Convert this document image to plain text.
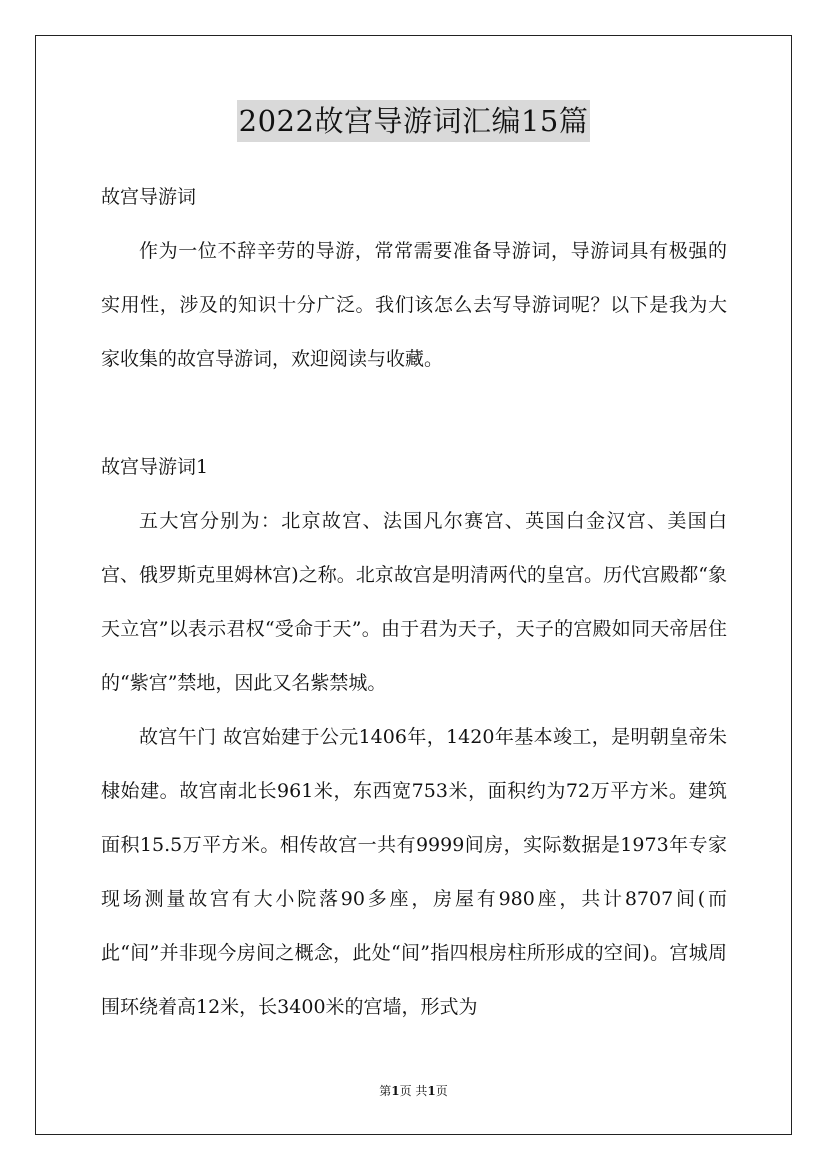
2022故宫导游词汇编15篇

故宫导游词

作为一位不辞辛劳的导游，常常需要准备导游词，导游词具有极强的实用性，涉及的知识十分广泛。我们该怎么去写导游词呢？以下是我为大家收集的故宫导游词，欢迎阅读与收藏。

故宫导游词1

五大宫分别为：北京故宫、法国凡尔赛宫、英国白金汉宫、美国白宫、俄罗斯克里姆林宫)之称。北京故宫是明清两代的皇宫。历代宫殿都“象天立宫”以表示君权“受命于天”。由于君为天子，天子的宫殿如同天帝居住的“紫宫”禁地，因此又名紫禁城。

故宫午门 故宫始建于公元1406年，1420年基本竣工，是明朝皇帝朱棣始建。故宫南北长961米，东西宽753米，面积约为72万平方米。建筑面积15.5万平方米。相传故宫一共有9999间房，实际数据是1973年专家现场测量故宫有大小院落90多座，房屋有980座，共计8707间(而此“间”并非现今房间之概念，此处“间”指四根房柱所形成的空间)。宫城周围环绕着高12米，长3400米的宫墙，形式为

第1页 共1页
